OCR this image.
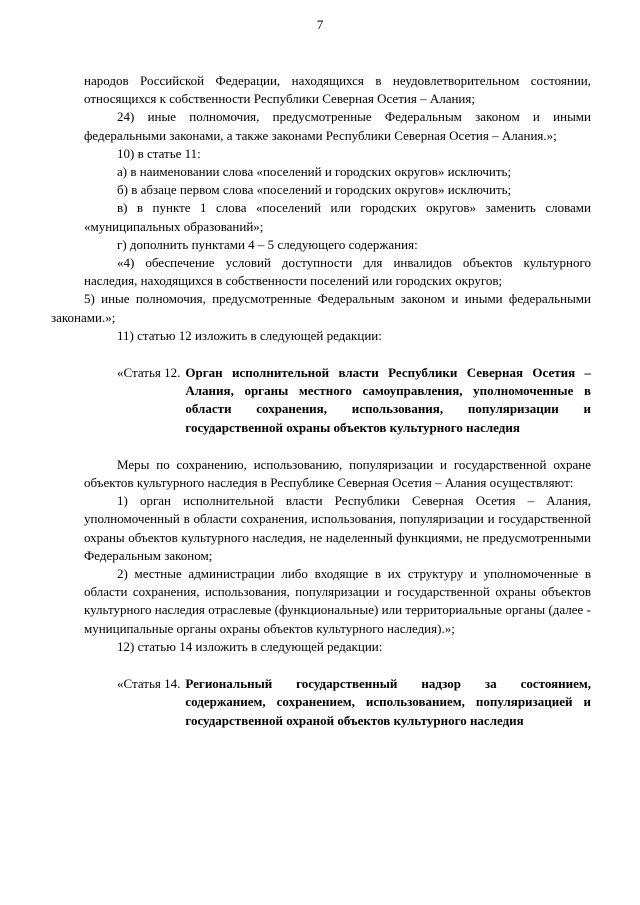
7

народов Российской Федерации, находящихся в неудовлетворительном состоянии, относящихся к собственности Республики Северная Осетия – Алания;

24) иные полномочия, предусмотренные Федеральным законом и иными федеральными законами, а также законами Республики Северная Осетия – Алания.»;

10) в статье 11:

а) в наименовании слова «поселений и городских округов» исключить;

б) в абзаце первом слова «поселений и городских округов» исключить;

в) в пункте 1 слова «поселений или городских округов» заменить словами «муниципальных образований»;

г) дополнить пунктами 4 – 5 следующего содержания:

«4) обеспечение условий доступности для инвалидов объектов культурного наследия, находящихся в собственности поселений или городских округов;

5) иные полномочия, предусмотренные Федеральным законом и иными федеральными законами.»;

11) статью 12 изложить в следующей редакции:

«Статья 12. Орган исполнительной власти Республики Северная Осетия – Алания, органы местного самоуправления, уполномоченные в области сохранения, использования, популяризации и государственной охраны объектов культурного наследия

Меры по сохранению, использованию, популяризации и государственной охране объектов культурного наследия в Республике Северная Осетия – Алания осуществляют:

1) орган исполнительной власти Республики Северная Осетия – Алания, уполномоченный в области сохранения, использования, популяризации и государственной охраны объектов культурного наследия, не наделенный функциями, не предусмотренными Федеральным законом;

2) местные администрации либо входящие в их структуру и уполномоченные в области сохранения, использования, популяризации и государственной охраны объектов культурного наследия отраслевые (функциональные) или территориальные органы (далее - муниципальные органы охраны объектов культурного наследия).»;

12) статью 14 изложить в следующей редакции:

«Статья 14. Региональный государственный надзор за состоянием, содержанием, сохранением, использованием, популяризацией и государственной охраной объектов культурного наследия
